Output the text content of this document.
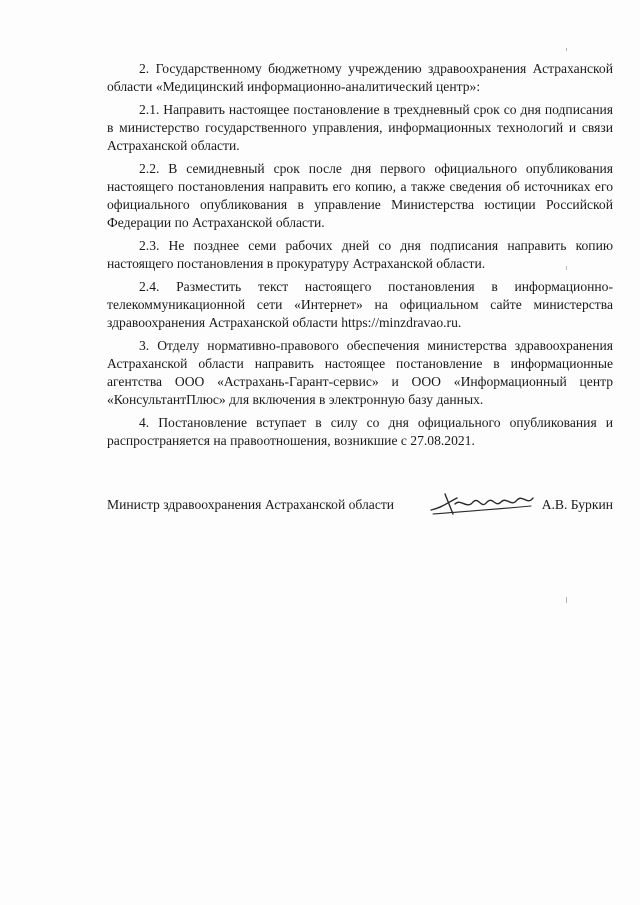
2. Государственному бюджетному учреждению здравоохранения Астраханской области «Медицинский информационно-аналитический центр»:

2.1. Направить настоящее постановление в трехдневный срок со дня подписания в министерство государственного управления, информационных технологий и связи Астраханской области.

2.2. В семидневный срок после дня первого официального опубликования настоящего постановления направить его копию, а также сведения об источниках его официального опубликования в управление Министерства юстиции Российской Федерации по Астраханской области.

2.3. Не позднее семи рабочих дней со дня подписания направить копию настоящего постановления в прокуратуру Астраханской области.

2.4. Разместить текст настоящего постановления в информационно-телекоммуникационной сети «Интернет» на официальном сайте министерства здравоохранения Астраханской области https://minzdravao.ru.

3. Отделу нормативно-правового обеспечения министерства здравоохранения Астраханской области направить настоящее постановление в информационные агентства ООО «Астрахань-Гарант-сервис» и ООО «Информационный центр «КонсультантПлюс» для включения в электронную базу данных.

4. Постановление вступает в силу со дня официального опубликования и распространяется на правоотношения, возникшие с 27.08.2021.

Министр здравоохранения Астраханской области	А.В. Буркин
